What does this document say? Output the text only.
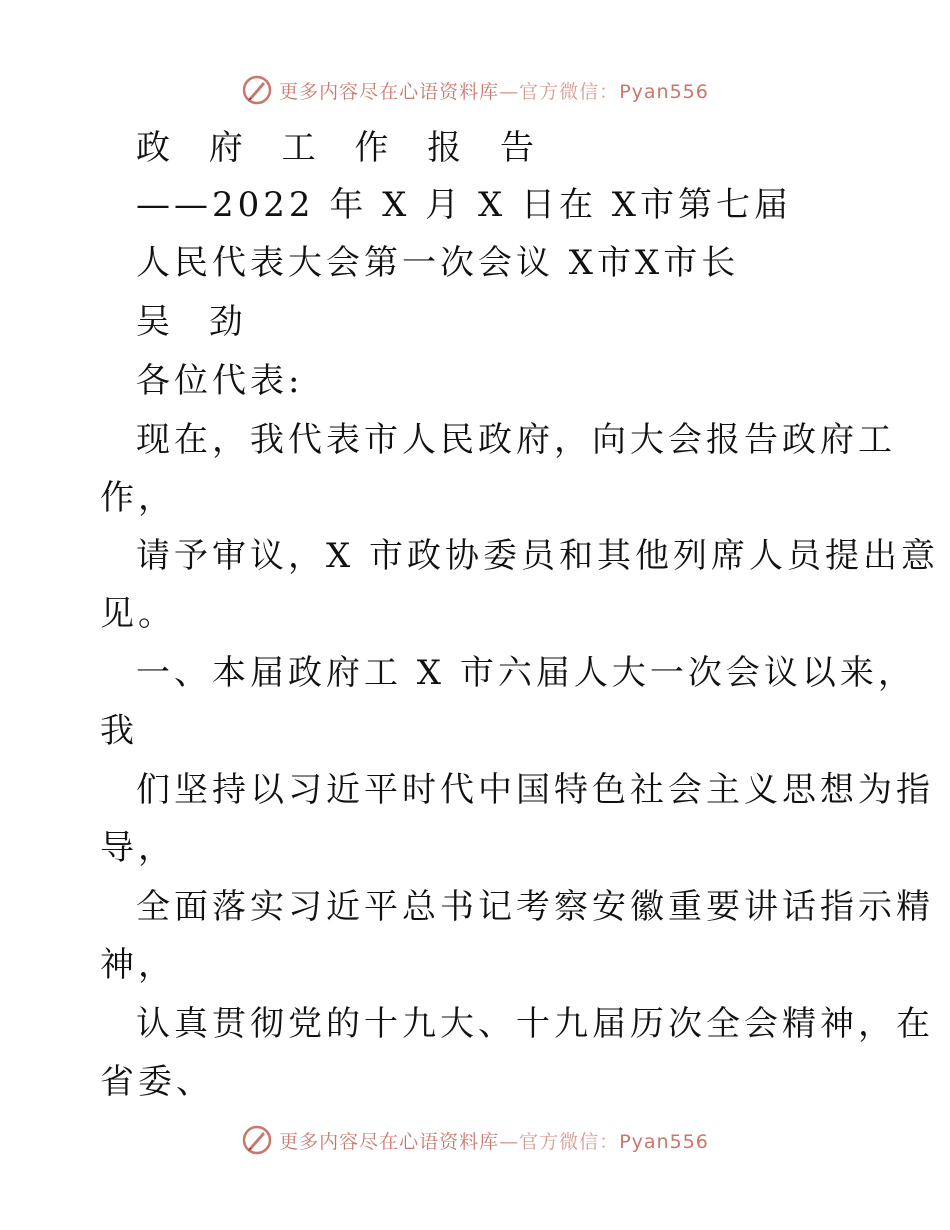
更多内容尽在心语资料库—官方微信：Pyan556
政 府 工 作 报 告
——2022 年 X 月 X 日在 X市第七届
人民代表大会第一次会议 X市X市长
吴 劲
各位代表:
现在，我代表市人民政府，向大会报告政府工
作，
请予审议，X 市政协委员和其他列席人员提出意
见。
一、本届政府工 X 市六届人大一次会议以来，
我
们坚持以习近平时代中国特色社会主义思想为指
导，
全面落实习近平总书记考察安徽重要讲话指示精
神，
认真贯彻党的十九大、十九届历次全会精神，在
省委、
更多内容尽在心语资料库—官方微信：Pyan556
